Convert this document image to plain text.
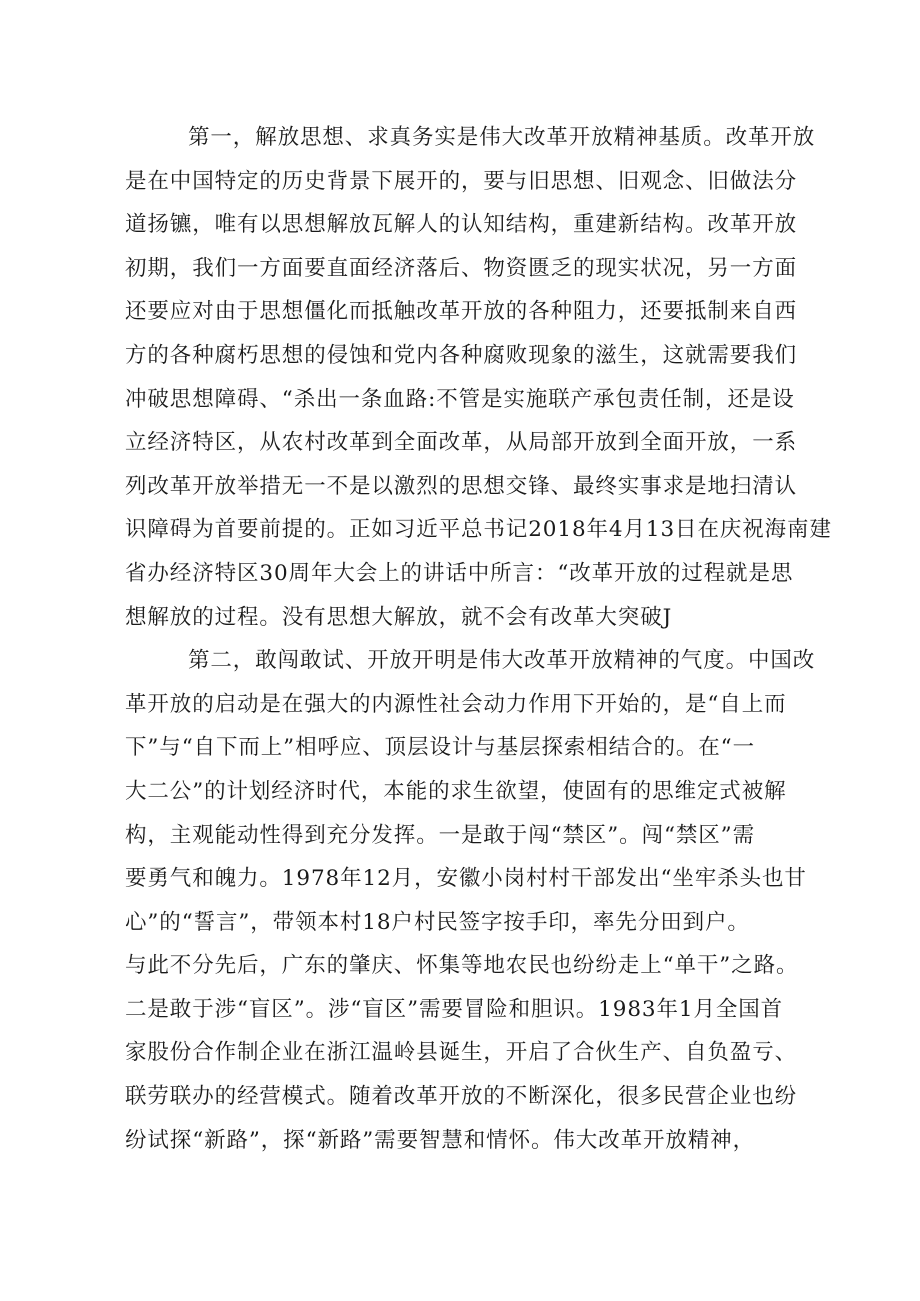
第一，解放思想、求真务实是伟大改革开放精神基质。改革开放
是在中国特定的历史背景下展开的，要与旧思想、旧观念、旧做法分
道扬镳，唯有以思想解放瓦解人的认知结构，重建新结构。改革开放
初期，我们一方面要直面经济落后、物资匮乏的现实状况，另一方面
还要应对由于思想僵化而抵触改革开放的各种阻力，还要抵制来自西
方的各种腐朽思想的侵蚀和党内各种腐败现象的滋生，这就需要我们
冲破思想障碍、“杀出一条血路:不管是实施联产承包责任制，还是设
立经济特区，从农村改革到全面改革，从局部开放到全面开放，一系
列改革开放举措无一不是以激烈的思想交锋、最终实事求是地扫清认
识障碍为首要前提的。正如习近平总书记2018年4月13日在庆祝海南建
省办经济特区30周年大会上的讲话中所言：“改革开放的过程就是思
想解放的过程。没有思想大解放，就不会有改革大突破J
第二，敢闯敢试、开放开明是伟大改革开放精神的气度。中国改
革开放的启动是在强大的内源性社会动力作用下开始的，是“自上而
下”与“自下而上”相呼应、顶层设计与基层探索相结合的。在“一
大二公”的计划经济时代，本能的求生欲望，使固有的思维定式被解
构，主观能动性得到充分发挥。一是敢于闯“禁区”。闯“禁区”需
要勇气和魄力。1978年12月，安徽小岗村村干部发出“坐牢杀头也甘
心”的“誓言”，带领本村18户村民签字按手印，率先分田到户。
与此不分先后，广东的肇庆、怀集等地农民也纷纷走上“单干”之路。
二是敢于涉“盲区”。涉“盲区”需要冒险和胆识。1983年1月全国首
家股份合作制企业在浙江温岭县诞生，开启了合伙生产、自负盈亏、
联劳联办的经营模式。随着改革开放的不断深化，很多民营企业也纷
纷试探“新路”，探“新路”需要智慧和情怀。伟大改革开放精神，
